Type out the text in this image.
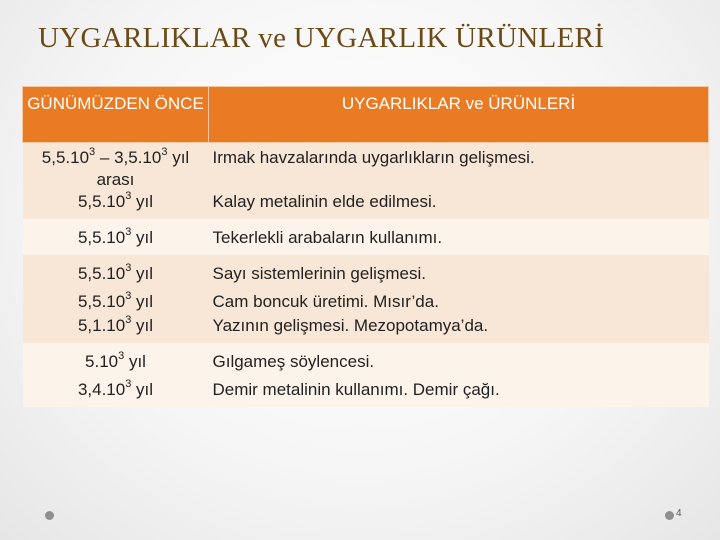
UYGARLIKLAR ve UYGARLIK ÜRÜNLERİ
GÜNÜMÜZDEN ÖNCE	UYGARLIKLAR ve ÜRÜNLERİ
5,5.10$^3$ – 3,5.10$^3$ yıl arası	Irmak havzalarında uygarlıkların gelişmesi.
5,5.10$^3$ yıl	Kalay metalinin elde edilmesi.
5,5.10$^3$ yıl	Tekerlekli arabaların kullanımı.
5,5.10$^3$ yıl	Sayı sistemlerinin gelişmesi.
5,5.10$^3$ yıl	Cam boncuk üretimi. Mısır’da.
5,1.10$^3$ yıl	Yazının gelişmesi. Mezopotamya’da.
5.10$^3$ yıl	Gılgameş söylencesi.
3,4.10$^3$ yıl	Demir metalinin kullanımı. Demir çağı.
4
